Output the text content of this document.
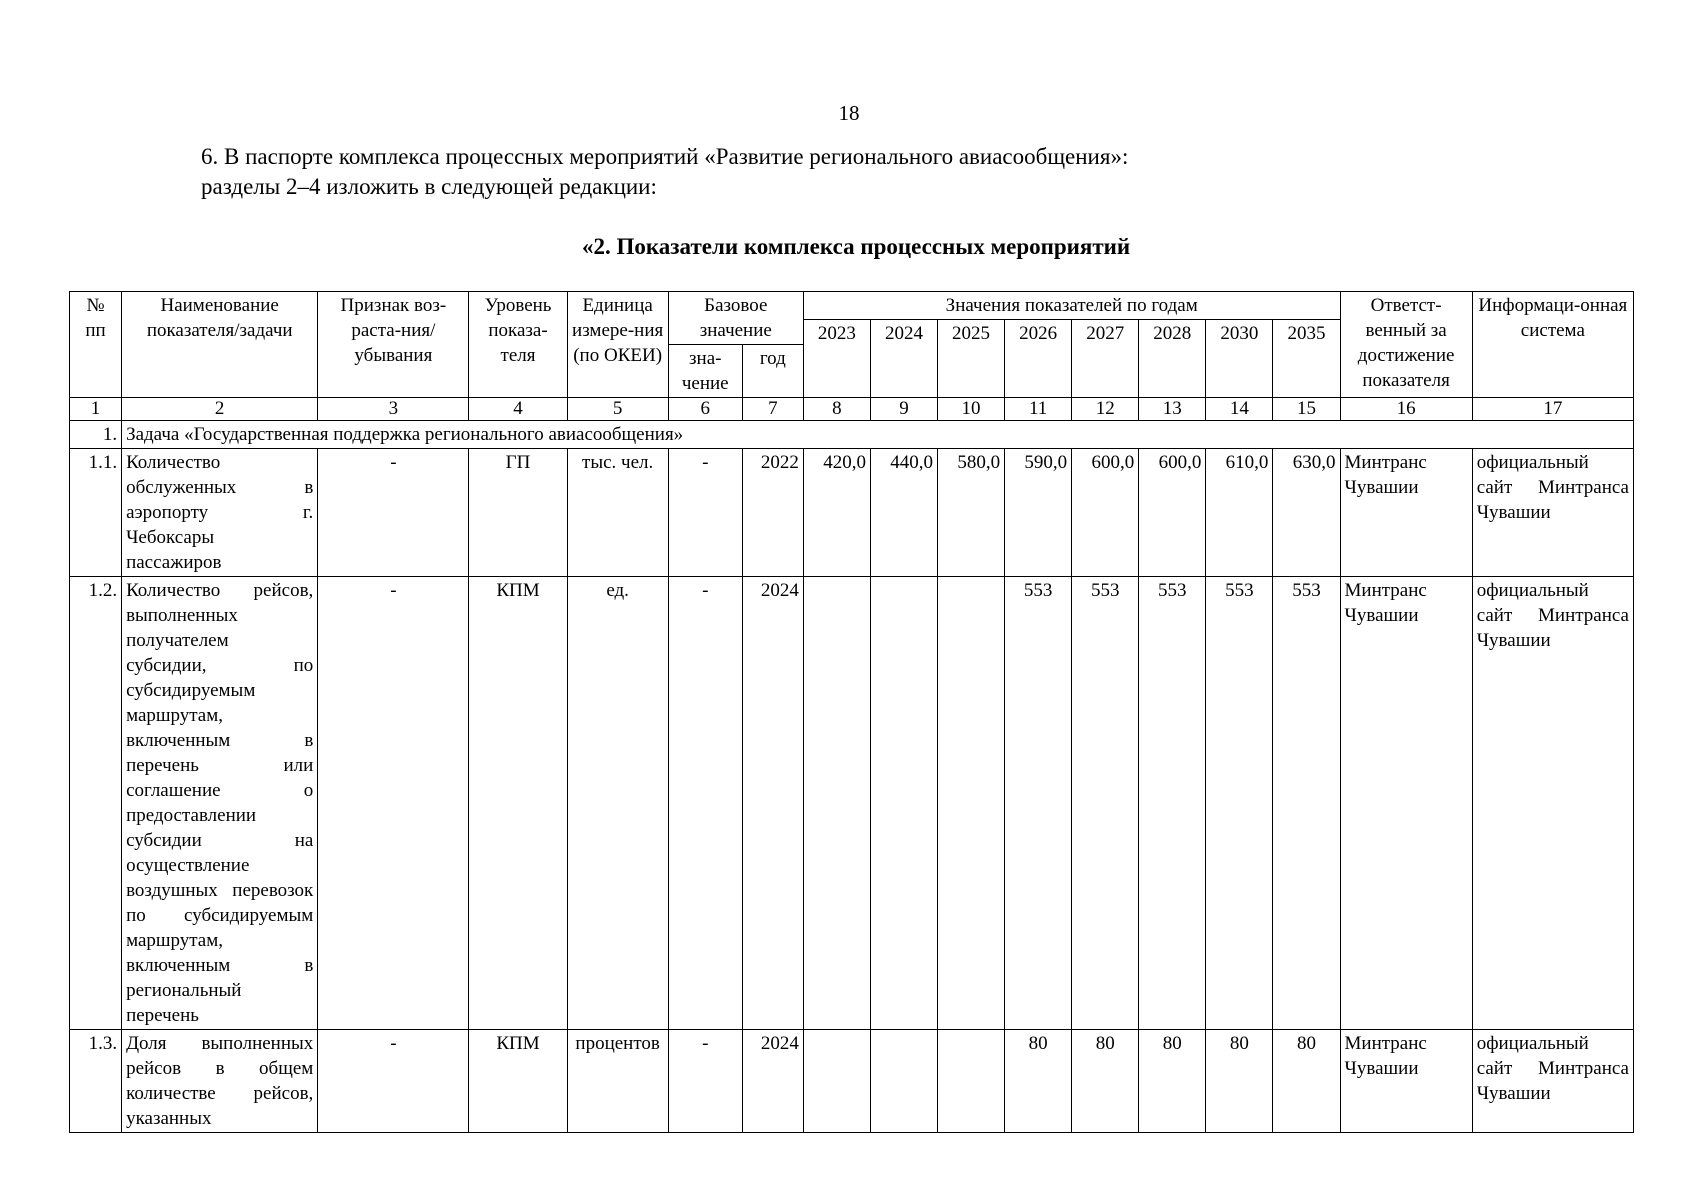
18
6. В паспорте комплекса процессных мероприятий «Развитие регионального авиасообщения»:
разделы 2–4 изложить в следующей редакции:
«2. Показатели комплекса процессных мероприятий
№ пп	Наименование показателя/задачи	Признак воз-раста-ния/убывания	Уровень показа-теля	Единица измере-ния (по ОКЕИ)	Базовое значение		Значения показателей по годам								Ответст-венный за достижение показателя	Информаци-онная система
							2023	2024	2025	2026	2027	2028	2030	2035		
					зна-чение	год										
1	2	3	4	5	6	7	8	9	10	11	12	13	14	15	16	17
1.	Задача «Государственная поддержка регионального авиасообщения»															
1.1.	Количество обслуженных в аэропорту г. Чебоксары пассажиров	-	ГП	тыс. чел.	-	2022	420,0	440,0	580,0	590,0	600,0	600,0	610,0	630,0	Минтранс Чувашии	официальный сайт Минтранса Чувашии
1.2.	Количество рейсов, выполненных получателем субсидии, по субсидируемым маршрутам, включенным в перечень или соглашение о предоставлении субсидии на осуществление воздушных перевозок по субсидируемым маршрутам, включенным в региональный перечень	-	КПМ	ед.	-	2024				553	553	553	553	553	Минтранс Чувашии	официальный сайт Минтранса Чувашии
1.3.	Доля выполненных рейсов в общем количестве рейсов, указанных	-	КПМ	процентов	-	2024				80	80	80	80	80	Минтранс Чувашии	официальный сайт Минтранса Чувашии
